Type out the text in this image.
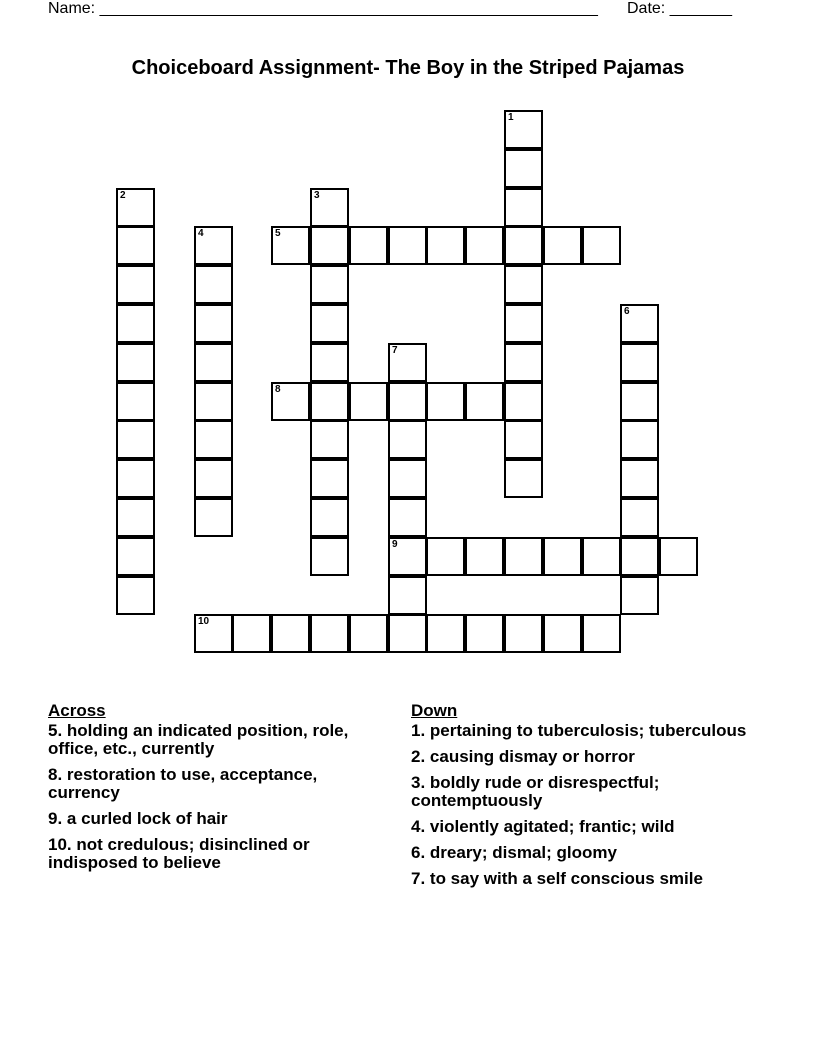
Name: ________________________________________________________ Date: _______
Choiceboard Assignment- The Boy in the Striped Pajamas
1
2	3
4	5
6
7
9
8
10
Across
5. holding an indicated position, role, office, etc., currently
8. restoration to use, acceptance, currency
9. a curled lock of hair
10. not credulous; disinclined or indisposed to believe
Down
1. pertaining to tuberculosis; tuberculous
2. causing dismay or horror
3. boldly rude or disrespectful; contemptuously
4. violently agitated; frantic; wild
6. dreary; dismal; gloomy
7. to say with a self conscious smile
